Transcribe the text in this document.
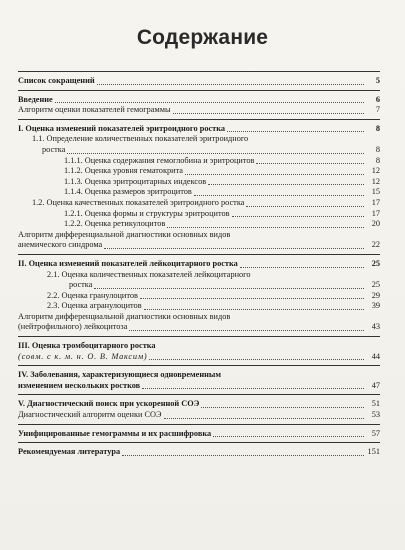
Содержание
Список сокращений	5
Введение	6
Алгоритм оценки показателей гемограммы	7
I. Оценка изменений показателей эритроидного ростка	8
1.1. Определение количественных показателей эритроидного
ростка	8
1.1.1. Оценка содержания гемоглобина и эритроцитов	8
1.1.2. Оценка уровня гематокрита	12
1.1.3. Оценка эритроцитарных индексов	12
1.1.4. Оценка размеров эритроцитов	15
1.2. Оценка качественных показателей эритроидного ростка	17
1.2.1. Оценка формы и структуры эритроцитов	17
1.2.2. Оценка ретикулоцитов	20
Алгоритм дифференциальной диагностики основных видов
анемического синдрома	22
II. Оценка изменений показателей лейкоцитарного ростка	25
2.1. Оценка количественных показателей лейкоцитарного
ростка	25
2.2. Оценка гранулоцитов	29
2.3. Оценка агранулоцитов	39
Алгоритм дифференциальной диагностики основных видов
(нейтрофильного) лейкоцитоза	43
III. Оценка тромбоцитарного ростка
(совм. с к. м. н. О. В. Максим)	44
IV. Заболевания, характеризующиеся одновременным
изменением нескольких ростков	47
V. Диагностический поиск при ускоренной СОЭ	51
Диагностический алгоритм оценки СОЭ	53
Унифицированные гемограммы и их расшифровка	57
Рекомендуемая литература	151
